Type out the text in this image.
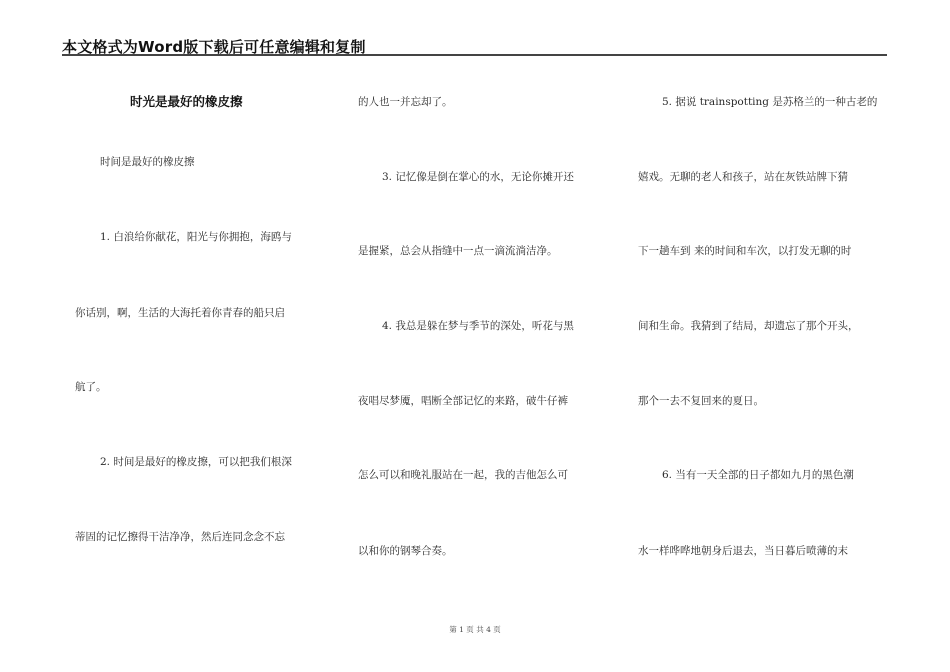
本文格式为Word版下载后可任意编辑和复制
时光是最好的橡皮擦
时间是最好的橡皮擦
1. 白浪给你献花，阳光与你拥抱，海鸥与
你话别，啊，生活的大海托着你青春的船只启
航了。
2. 时间是最好的橡皮擦，可以把我们根深
蒂固的记忆擦得干洁净净，然后连同念念不忘
的人也一并忘却了。
3. 记忆像是倒在掌心的水，无论你摊开还
是握紧，总会从指缝中一点一滴流淌洁净。
4. 我总是躲在梦与季节的深处，听花与黑
夜唱尽梦魇，唱断全部记忆的来路，破牛仔裤
怎么可以和晚礼服站在一起，我的吉他怎么可
以和你的钢琴合奏。
5. 据说 trainspotting 是苏格兰的一种古老的
嬉戏。无聊的老人和孩子，站在灰铁站牌下猜
下一趟车到 来的时间和车次，以打发无聊的时
间和生命。我猜到了结局，却遗忘了那个开头，
那个一去不复回来的夏日。
6. 当有一天全部的日子都如九月的黑色潮
水一样哗哗地朝身后退去，当日暮后喷薄的末
第 1 页 共 4 页
